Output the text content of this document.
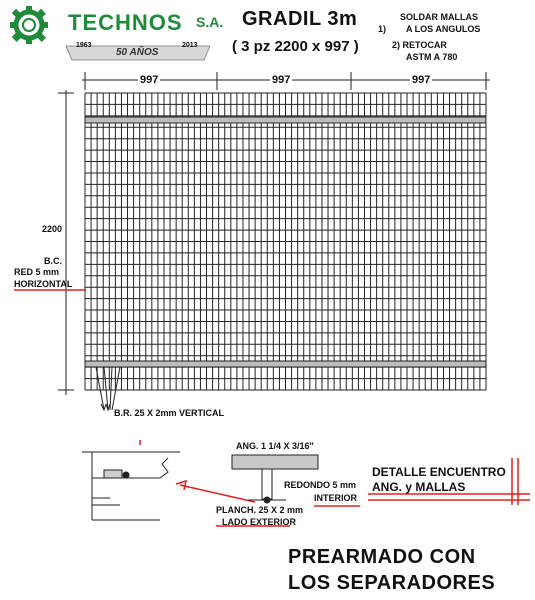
TECHNOS S.A.
1963
50 AÑOS
2013
GRADIL 3m
( 3 pz 2200 x 997 )
SOLDAR MALLAS
1) A LOS ANGULOS
2) RETOCAR
ASTM A 780
997	997	997
2200
B.C.
RED 5 mm
HORIZONTAL
B.R. 25 X 2mm VERTICAL
ANG. 1 1/4 X 3/16"
REDONDO 5 mm
INTERIOR
PLANCH. 25 X 2 mm
LADO EXTERIOR
DETALLE ENCUENTRO
ANG. y MALLAS
PREARMADO CON
LOS SEPARADORES
